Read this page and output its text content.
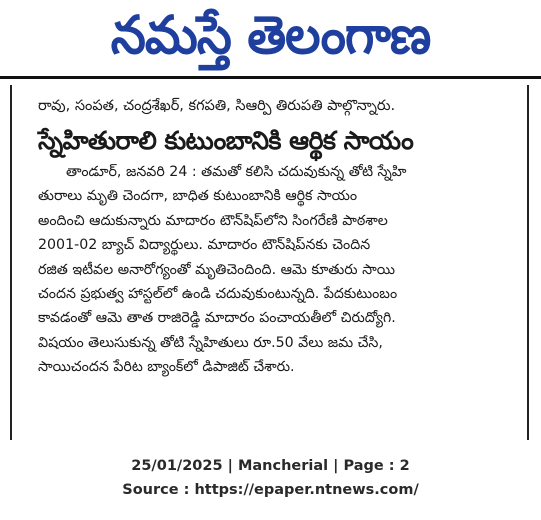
నమస్తే తెలంగాణ
రావు, సంపత, చంద్రశేఖర్, కగపతి, సిఆర్పి తిరుపతి పాల్గొన్నారు.
స్నేహితురాలి కుటుంబానికి ఆర్థిక సాయం
తాండూర్, జనవరి 24 : తమతో కలిసి చదువుకున్న తోటి స్నేహి
తురాలు మృతి చెందగా, బాధిత కుటుంబానికి ఆర్థిక సాయం
అందించి ఆదుకున్నారు మాదారం టౌన్‌షిప్‌లోని సింగరేణి పాఠశాల
2001-02 బ్యాచ్ విద్యార్థులు. మాదారం టౌన్‌షిప్‌నకు చెందిన
రజిత ఇటీవల అనారోగ్యంతో మృతిచెందింది. ఆమె కూతురు సాయి
చందన ప్రభుత్వ హాస్టల్‌లో ఉండి చదువుకుంటున్నది. పేదకుటుంబం
కావడంతో ఆమె తాత రాజిరెడ్డి మాదారం పంచాయతీలో చిరుద్యోగి.
విషయం తెలుసుకున్న తోటి స్నేహితులు రూ.50 వేలు జమ చేసి,
సాయిచందన పేరిట బ్యాంక్‌లో డిపాజిట్ చేశారు.
25/01/2025 | Mancherial | Page : 2
Source : https://epaper.ntnews.com/
